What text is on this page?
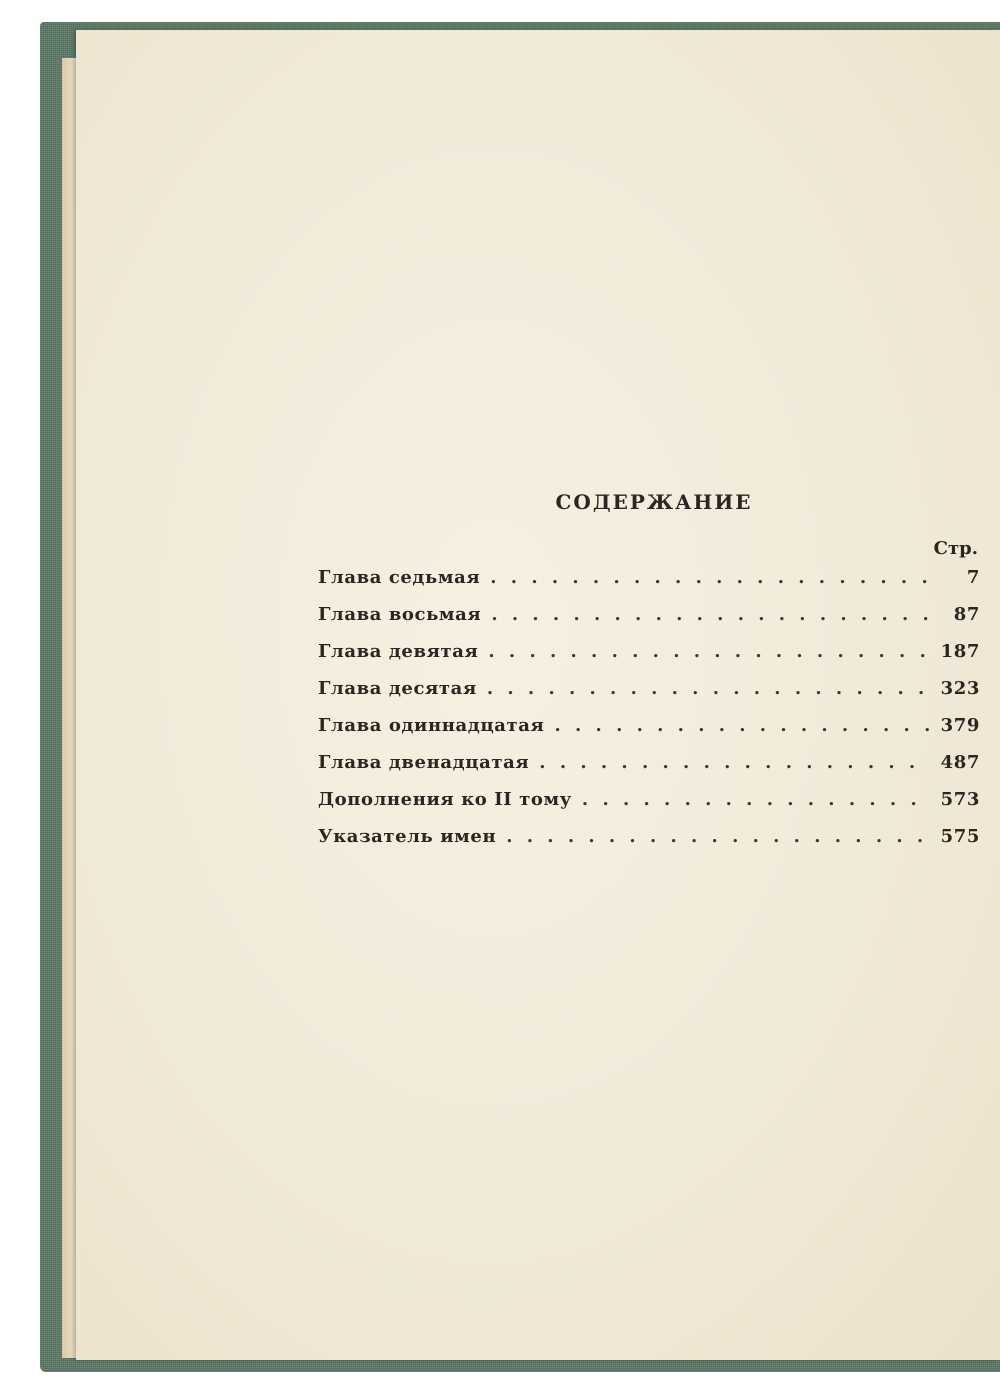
СОДЕРЖАНИЕ
Стр.
Глава седьмая . . .	7
Глава восьмая . . .	87
Глава девятая . . .	187
Глава десятая . . .	323
Глава одиннадцатая . . .	379
Глава двенадцатая . . .	487
Дополнения ко II тому . . .	573
Указатель имен . . .	575
